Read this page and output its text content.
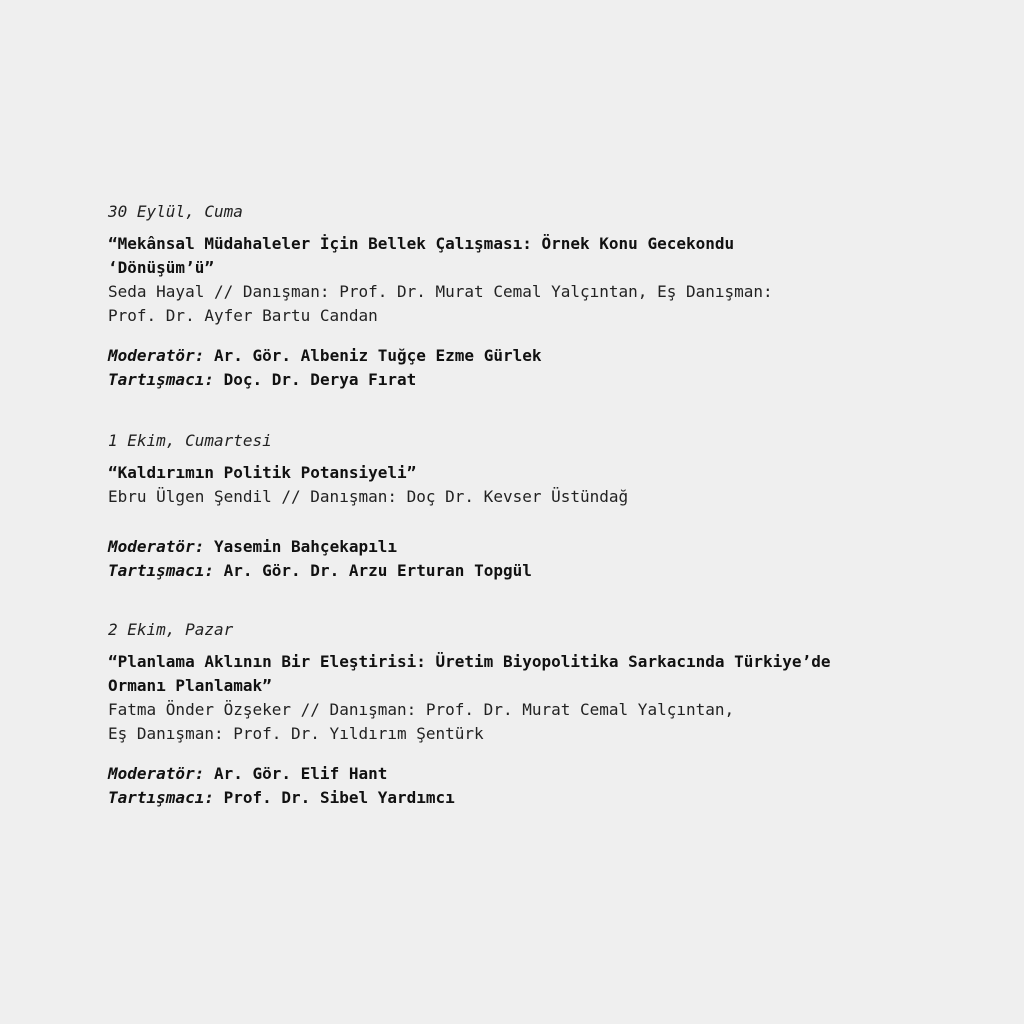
30 Eylül, Cuma

“Mekânsal Müdahaleler İçin Bellek Çalışması: Örnek Konu Gecekondu

‘Dönüşüm’ü”

Seda Hayal // Danışman: Prof. Dr. Murat Cemal Yalçıntan, Eş Danışman:

Prof. Dr. Ayfer Bartu Candan

Moderatör: Ar. Gör. Albeniz Tuğçe Ezme Gürlek

Tartışmacı: Doç. Dr. Derya Fırat

1 Ekim, Cumartesi

“Kaldırımın Politik Potansiyeli”

Ebru Ülgen Şendil // Danışman: Doç Dr. Kevser Üstündağ

Moderatör: Yasemin Bahçekapılı

Tartışmacı: Ar. Gör. Dr. Arzu Erturan Topgül

2 Ekim, Pazar

“Planlama Aklının Bir Eleştirisi: Üretim Biyopolitika Sarkacında Türkiye’de

Ormanı Planlamak”

Fatma Önder Özşeker // Danışman: Prof. Dr. Murat Cemal Yalçıntan,

Eş Danışman: Prof. Dr. Yıldırım Şentürk

Moderatör: Ar. Gör. Elif Hant

Tartışmacı: Prof. Dr. Sibel Yardımcı
